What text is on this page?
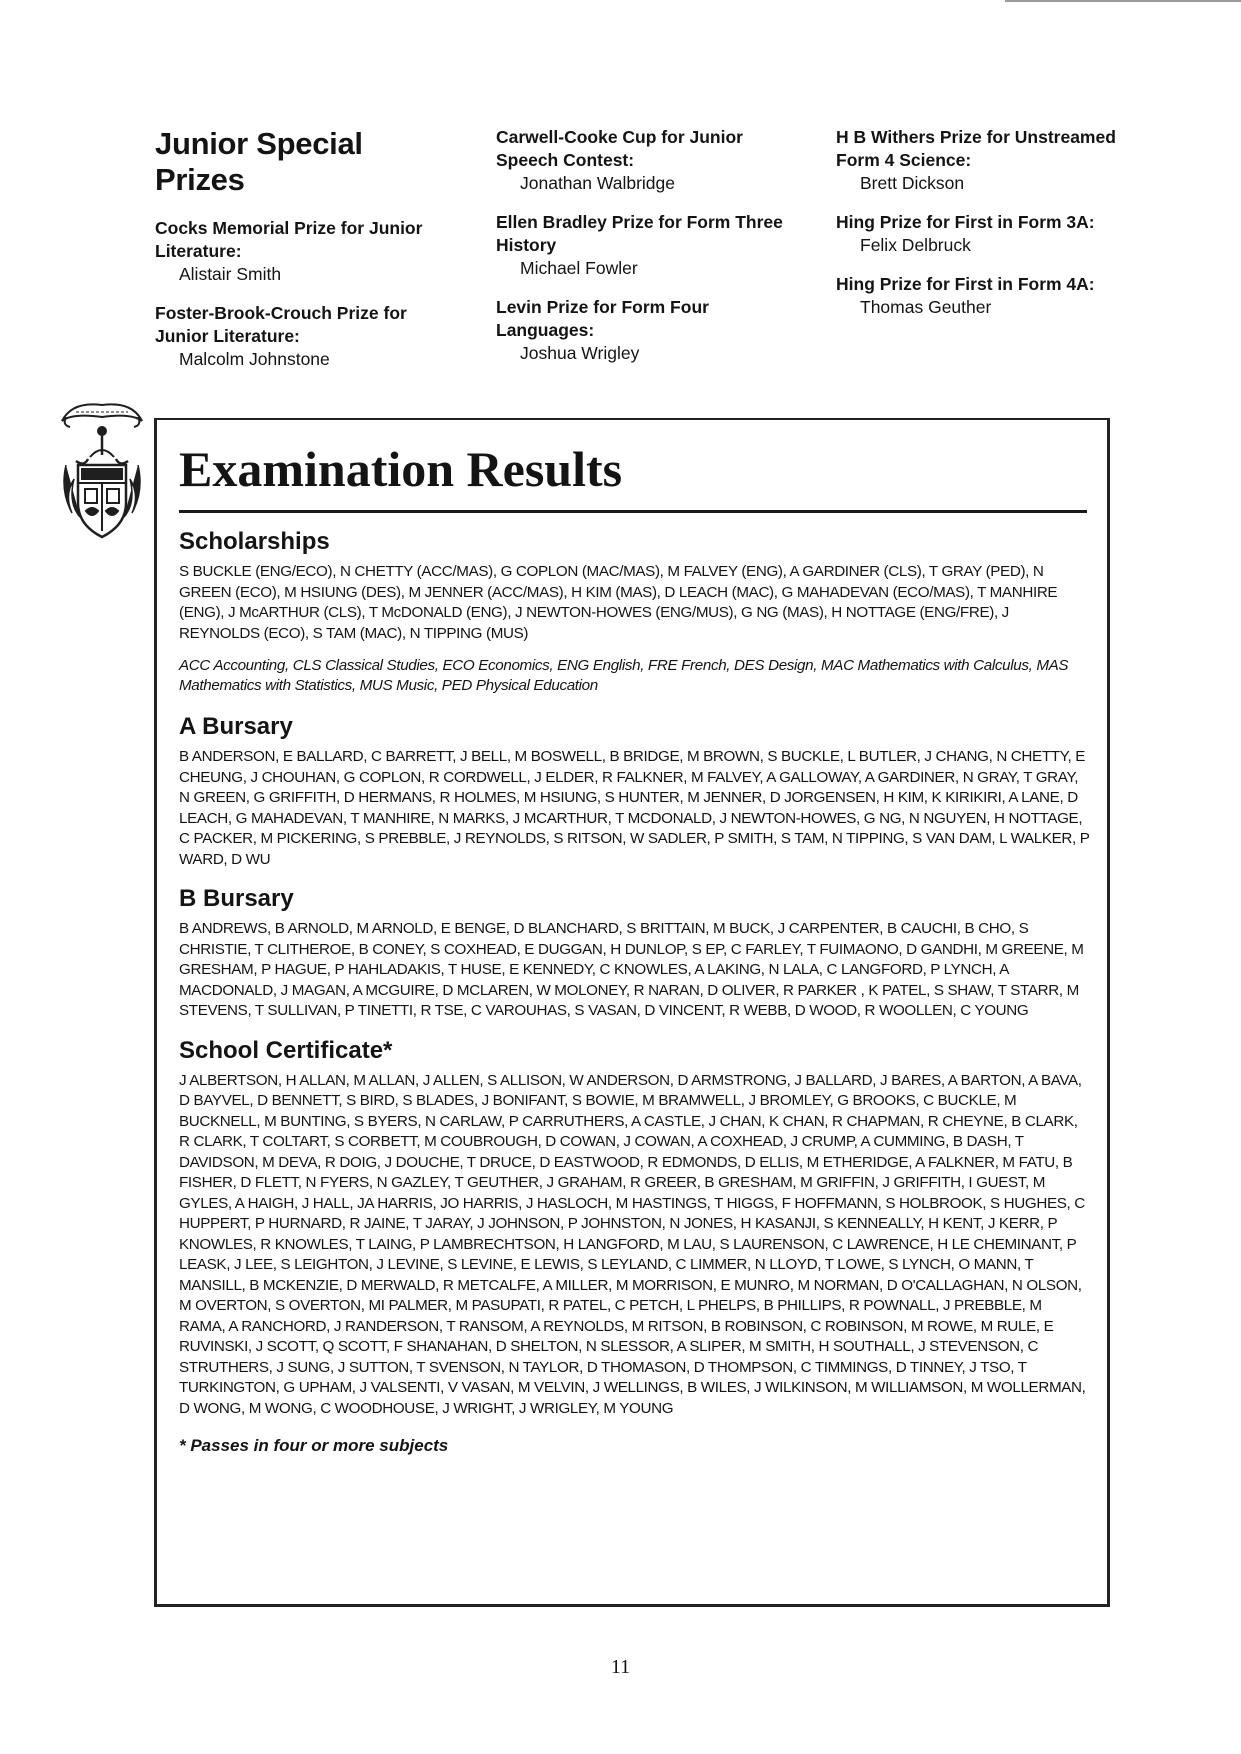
Junior Special
Prizes
Cocks Memorial Prize for Junior Literature:
Alistair Smith
Foster-Brook-Crouch Prize for Junior Literature:
Malcolm Johnstone
Carwell-Cooke Cup for Junior Speech Contest:
Jonathan Walbridge
Ellen Bradley Prize for Form Three History
Michael Fowler
Levin Prize for Form Four Languages:
Joshua Wrigley
H B Withers Prize for Unstreamed Form 4 Science:
Brett Dickson
Hing Prize for First in Form 3A:
Felix Delbruck
Hing Prize for First in Form 4A:
Thomas Geuther
Examination Results
Scholarships

S BUCKLE (ENG/ECO), N CHETTY (ACC/MAS), G COPLON (MAC/MAS), M FALVEY (ENG), A GARDINER (CLS), T GRAY (PED), N GREEN (ECO), M HSIUNG (DES), M JENNER (ACC/MAS), H KIM (MAS), D LEACH (MAC), G MAHADEVAN (ECO/MAS), T MANHIRE (ENG), J McARTHUR (CLS), T McDONALD (ENG), J NEWTON-HOWES (ENG/MUS), G NG (MAS), H NOTTAGE (ENG/FRE), J REYNOLDS (ECO), S TAM (MAC), N TIPPING (MUS)

ACC Accounting, CLS Classical Studies, ECO Economics, ENG English, FRE French, DES Design, MAC Mathematics with Calculus, MAS Mathematics with Statistics, MUS Music, PED Physical Education

A Bursary

B ANDERSON, E BALLARD, C BARRETT, J BELL, M BOSWELL, B BRIDGE, M BROWN, S BUCKLE, L BUTLER, J CHANG, N CHETTY, E CHEUNG, J CHOUHAN, G COPLON, R CORDWELL, J ELDER, R FALKNER, M FALVEY, A GALLOWAY, A GARDINER, N GRAY, T GRAY, N GREEN, G GRIFFITH, D HERMANS, R HOLMES, M HSIUNG, S HUNTER, M JENNER, D JORGENSEN, H KIM, K KIRIKIRI, A LANE, D LEACH, G MAHADEVAN, T MANHIRE, N MARKS, J MCARTHUR, T MCDONALD, J NEWTON-HOWES, G NG, N NGUYEN, H NOTTAGE, C PACKER, M PICKERING, S PREBBLE, J REYNOLDS, S RITSON, W SADLER, P SMITH, S TAM, N TIPPING, S VAN DAM, L WALKER, P WARD, D WU

B Bursary

B ANDREWS, B ARNOLD, M ARNOLD, E BENGE, D BLANCHARD, S BRITTAIN, M BUCK, J CARPENTER, B CAUCHI, B CHO, S CHRISTIE, T CLITHEROE, B CONEY, S COXHEAD, E DUGGAN, H DUNLOP, S EP, C FARLEY, T FUIMAONO, D GANDHI, M GREENE, M GRESHAM, P HAGUE, P HAHLADAKIS, T HUSE, E KENNEDY, C KNOWLES, A LAKING, N LALA, C LANGFORD, P LYNCH, A MACDONALD, J MAGAN, A MCGUIRE, D MCLAREN, W MOLONEY, R NARAN, D OLIVER, R PARKER , K PATEL, S SHAW, T STARR, M STEVENS, T SULLIVAN, P TINETTI, R TSE, C VAROUHAS, S VASAN, D VINCENT, R WEBB, D WOOD, R WOOLLEN, C YOUNG

School Certificate*

J ALBERTSON, H ALLAN, M ALLAN, J ALLEN, S ALLISON, W ANDERSON, D ARMSTRONG, J BALLARD, J BARES, A BARTON, A BAVA, D BAYVEL, D BENNETT, S BIRD, S BLADES, J BONIFANT, S BOWIE, M BRAMWELL, J BROMLEY, G BROOKS, C BUCKLE, M BUCKNELL, M BUNTING, S BYERS, N CARLAW, P CARRUTHERS, A CASTLE, J CHAN, K CHAN, R CHAPMAN, R CHEYNE, B CLARK, R CLARK, T COLTART, S CORBETT, M COUBROUGH, D COWAN, J COWAN, A COXHEAD, J CRUMP, A CUMMING, B DASH, T DAVIDSON, M DEVA, R DOIG, J DOUCHE, T DRUCE, D EASTWOOD, R EDMONDS, D ELLIS, M ETHERIDGE, A FALKNER, M FATU, B FISHER, D FLETT, N FYERS, N GAZLEY, T GEUTHER, J GRAHAM, R GREER, B GRESHAM, M GRIFFIN, J GRIFFITH, I GUEST, M GYLES, A HAIGH, J HALL, JA HARRIS, JO HARRIS, J HASLOCH, M HASTINGS, T HIGGS, F HOFFMANN, S HOLBROOK, S HUGHES, C HUPPERT, P HURNARD, R JAINE, T JARAY, J JOHNSON, P JOHNSTON, N JONES, H KASANJI, S KENNEALLY, H KENT, J KERR, P KNOWLES, R KNOWLES, T LAING, P LAMBRECHTSON, H LANGFORD, M LAU, S LAURENSON, C LAWRENCE, H LE CHEMINANT, P LEASK, J LEE, S LEIGHTON, J LEVINE, S LEVINE, E LEWIS, S LEYLAND, C LIMMER, N LLOYD, T LOWE, S LYNCH, O MANN, T MANSILL, B MCKENZIE, D MERWALD, R METCALFE, A MILLER, M MORRISON, E MUNRO, M NORMAN, D O'CALLAGHAN, N OLSON, M OVERTON, S OVERTON, MI PALMER, M PASUPATI, R PATEL, C PETCH, L PHELPS, B PHILLIPS, R POWNALL, J PREBBLE, M RAMA, A RANCHORD, J RANDERSON, T RANSOM, A REYNOLDS, M RITSON, B ROBINSON, C ROBINSON, M ROWE, M RULE, E RUVINSKI, J SCOTT, Q SCOTT, F SHANAHAN, D SHELTON, N SLESSOR, A SLIPER, M SMITH, H SOUTHALL, J STEVENSON, C STRUTHERS, J SUNG, J SUTTON, T SVENSON, N TAYLOR, D THOMASON, D THOMPSON, C TIMMINGS, D TINNEY, J TSO, T TURKINGTON, G UPHAM, J VALSENTI, V VASAN, M VELVIN, J WELLINGS, B WILES, J WILKINSON, M WILLIAMSON, M WOLLERMAN, D WONG, M WONG, C WOODHOUSE, J WRIGHT, J WRIGLEY, M YOUNG

* Passes in four or more subjects
11
